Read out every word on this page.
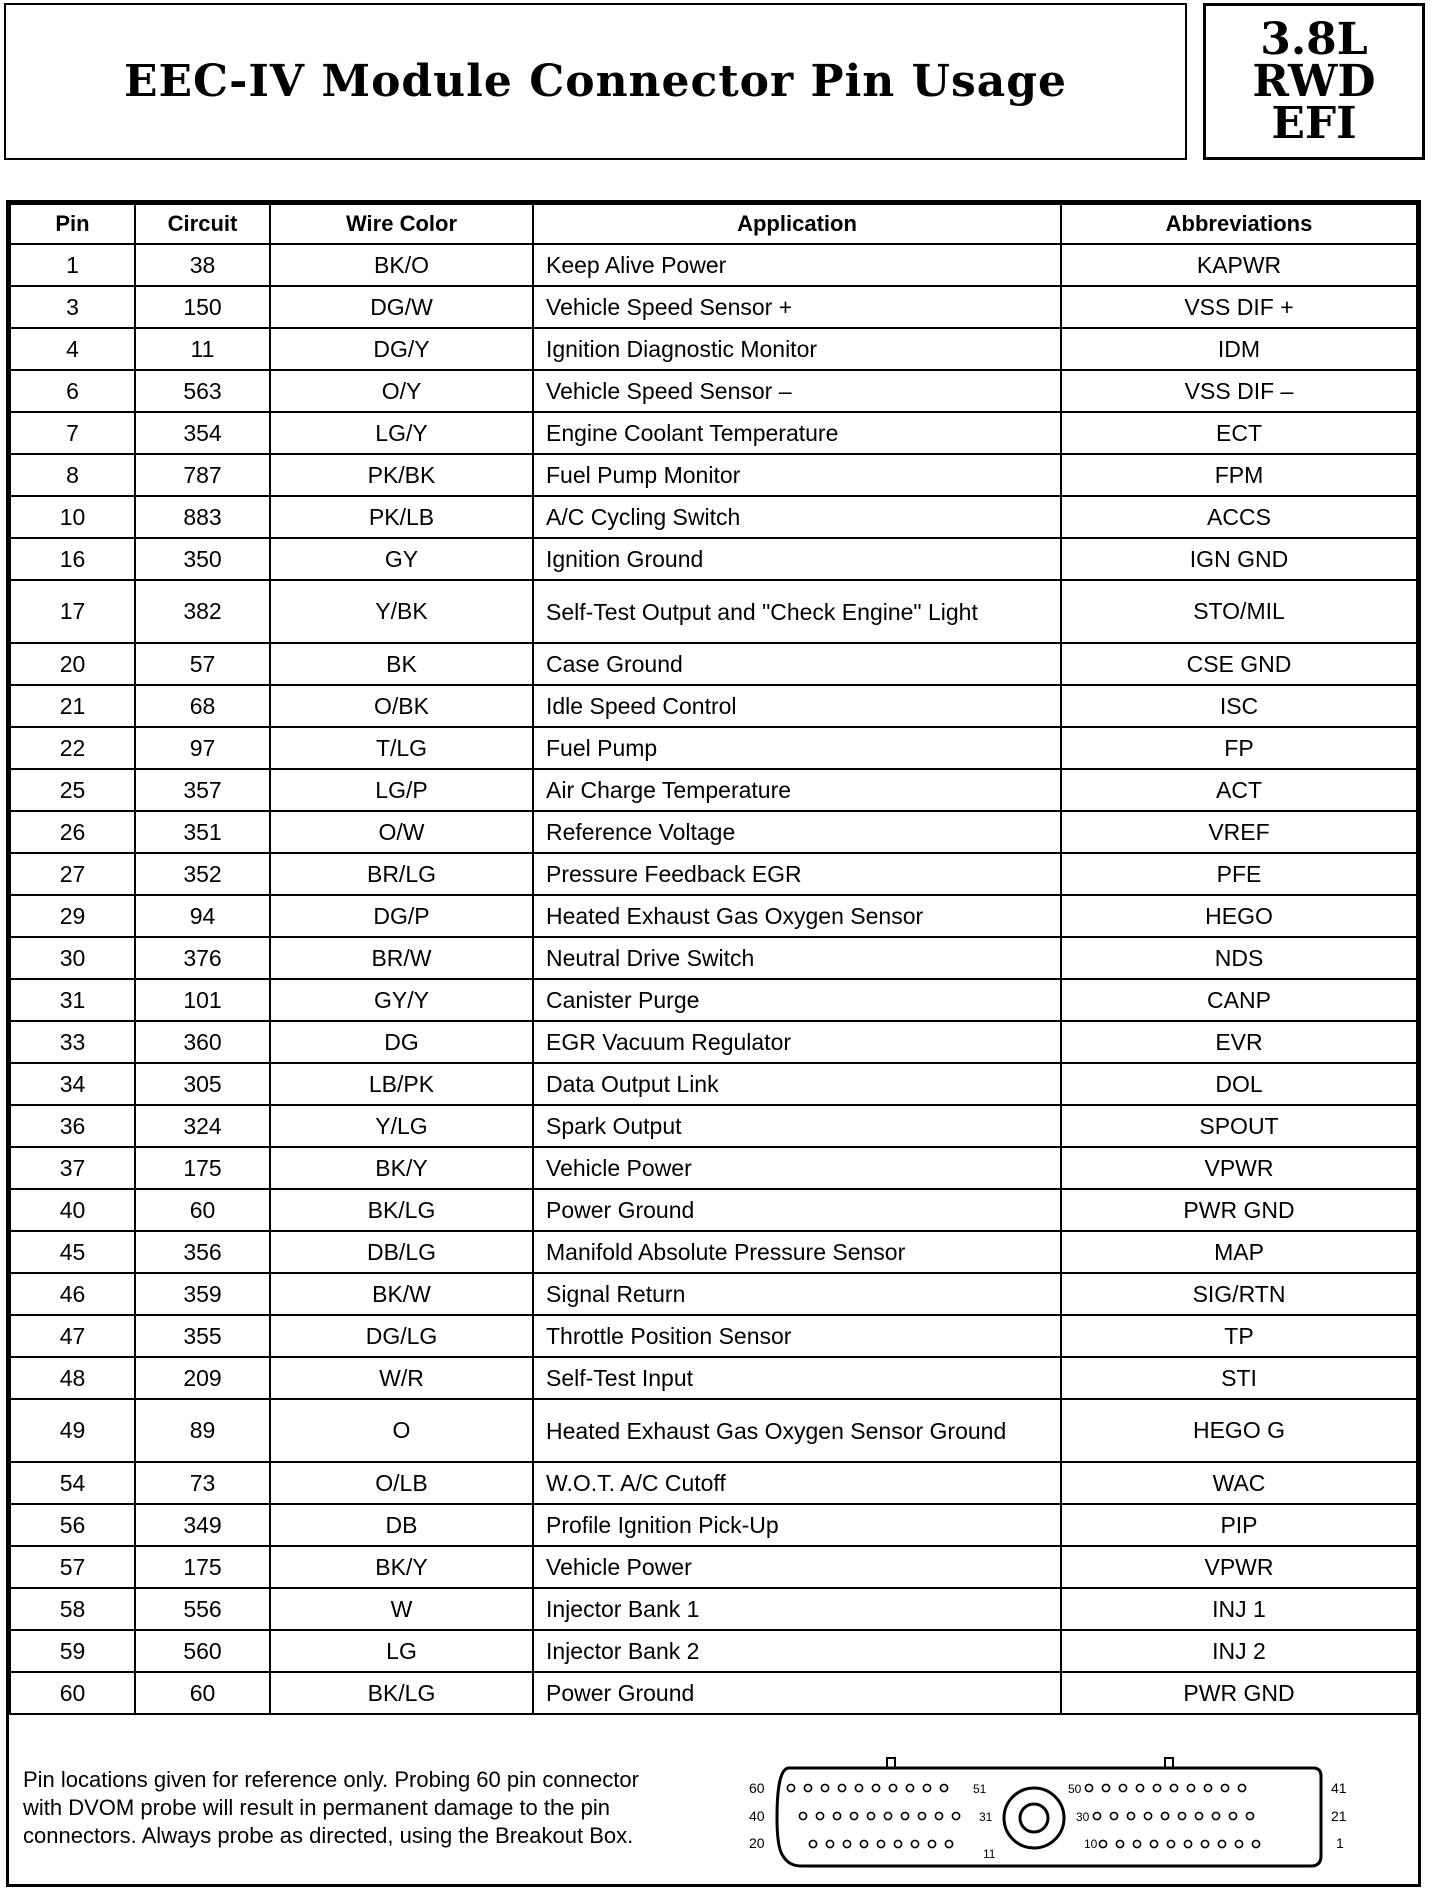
EEC-IV Module Connector Pin Usage
3.8L
RWD
EFI
Pin	Circuit	Wire Color	Application	Abbreviations
1	38	BK/O	Keep Alive Power	KAPWR
3	150	DG/W	Vehicle Speed Sensor +	VSS DIF +
4	11	DG/Y	Ignition Diagnostic Monitor	IDM
6	563	O/Y	Vehicle Speed Sensor –	VSS DIF –
7	354	LG/Y	Engine Coolant Temperature	ECT
8	787	PK/BK	Fuel Pump Monitor	FPM
10	883	PK/LB	A/C Cycling Switch	ACCS
16	350	GY	Ignition Ground	IGN GND
17	382	Y/BK	Self-Test Output and "Check Engine" Light	STO/MIL
20	57	BK	Case Ground	CSE GND
21	68	O/BK	Idle Speed Control	ISC
22	97	T/LG	Fuel Pump	FP
25	357	LG/P	Air Charge Temperature	ACT
26	351	O/W	Reference Voltage	VREF
27	352	BR/LG	Pressure Feedback EGR	PFE
29	94	DG/P	Heated Exhaust Gas Oxygen Sensor	HEGO
30	376	BR/W	Neutral Drive Switch	NDS
31	101	GY/Y	Canister Purge	CANP
33	360	DG	EGR Vacuum Regulator	EVR
34	305	LB/PK	Data Output Link	DOL
36	324	Y/LG	Spark Output	SPOUT
37	175	BK/Y	Vehicle Power	VPWR
40	60	BK/LG	Power Ground	PWR GND
45	356	DB/LG	Manifold Absolute Pressure Sensor	MAP
46	359	BK/W	Signal Return	SIG/RTN
47	355	DG/LG	Throttle Position Sensor	TP
48	209	W/R	Self-Test Input	STI
49	89	O	Heated Exhaust Gas Oxygen Sensor Ground	HEGO G
54	73	O/LB	W.O.T. A/C Cutoff	WAC
56	349	DB	Profile Ignition Pick-Up	PIP
57	175	BK/Y	Vehicle Power	VPWR
58	556	W	Injector Bank 1	INJ 1
59	560	LG	Injector Bank 2	INJ 2
60	60	BK/LG	Power Ground	PWR GND
Pin locations given for reference only. Probing 60 pin connector with DVOM probe will result in permanent damage to the pin connectors. Always probe as directed, using the Breakout Box.
60
40
20
41
21
1
51
31
11
50
30
10
